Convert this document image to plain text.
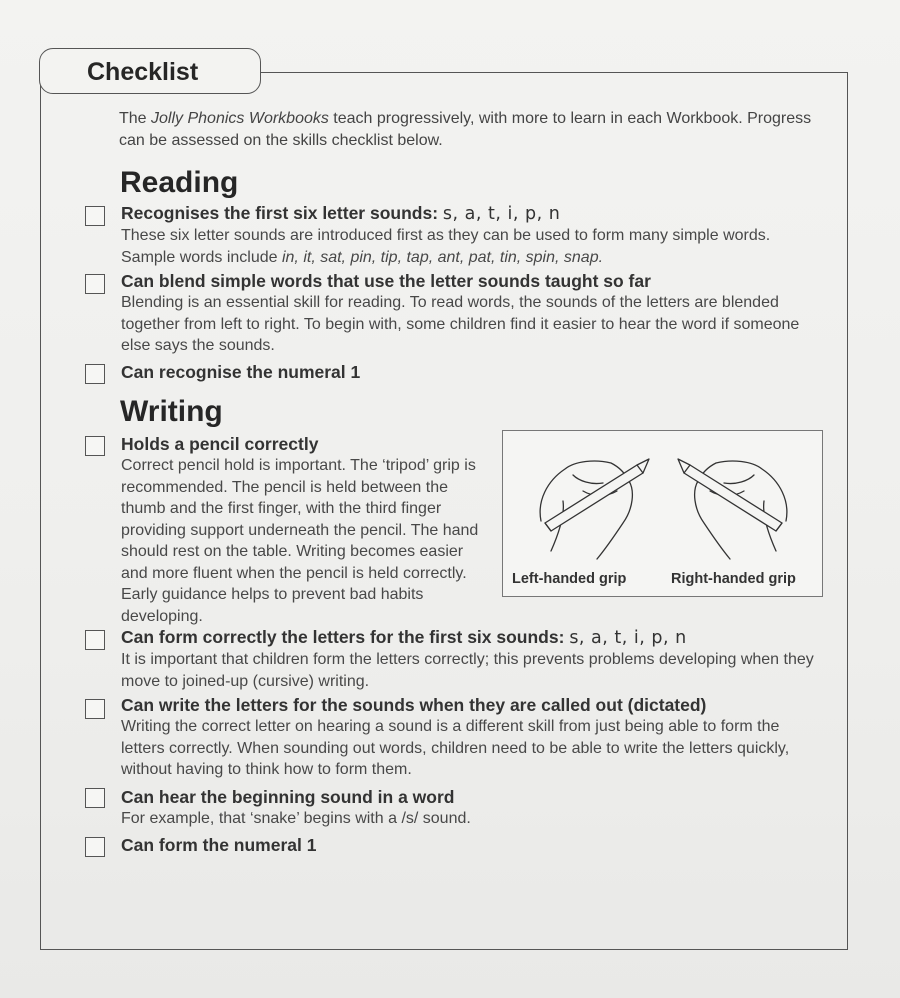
Checklist
The Jolly Phonics Workbooks teach progressively, with more to learn in each Workbook. Progress can be assessed on the skills checklist below.
Reading
Recognises the first six letter sounds: s, a, t, i, p, n
These six letter sounds are introduced first as they can be used to form many simple words. Sample words include in, it, sat, pin, tip, tap, ant, pat, tin, spin, snap.
Can blend simple words that use the letter sounds taught so far
Blending is an essential skill for reading. To read words, the sounds of the letters are blended together from left to right. To begin with, some children find it easier to hear the word if someone else says the sounds.
Can recognise the numeral 1
Writing
Holds a pencil correctly
Correct pencil hold is important. The ‘tripod’ grip is recommended. The pencil is held between the thumb and the first finger, with the third finger providing support underneath the pencil. The hand should rest on the table. Writing becomes easier and more fluent when the pencil is held correctly. Early guidance helps to prevent bad habits developing.
Left-handed grip	Right-handed grip
Can form correctly the letters for the first six sounds: s, a, t, i, p, n
It is important that children form the letters correctly; this prevents problems developing when they move to joined-up (cursive) writing.
Can write the letters for the sounds when they are called out (dictated)
Writing the correct letter on hearing a sound is a different skill from just being able to form the letters correctly. When sounding out words, children need to be able to write the letters quickly, without having to think how to form them.
Can hear the beginning sound in a word
For example, that ‘snake’ begins with a /s/ sound.
Can form the numeral 1
